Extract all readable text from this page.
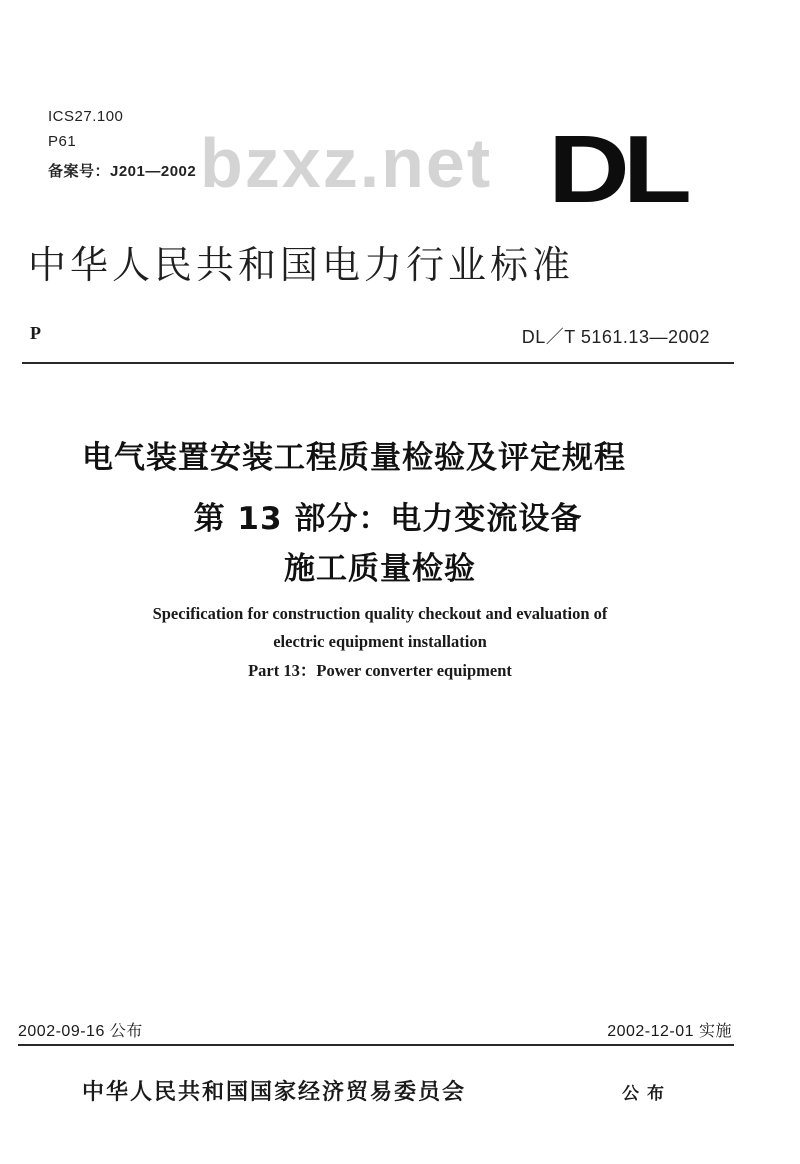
ICS27.100
P61
备案号：J201—2002 bzxz.net DL
中华人民共和国电力行业标准
P	DL／T 5161.13—2002
电气装置安装工程质量检验及评定规程
第 13 部分：电力变流设备
施工质量检验
Specification for construction quality checkout and evaluation of
electric equipment installation
Part 13：Power converter equipment
2002-09-16 公布	2002-12-01 实施
中华人民共和国国家经济贸易委员会	公布
